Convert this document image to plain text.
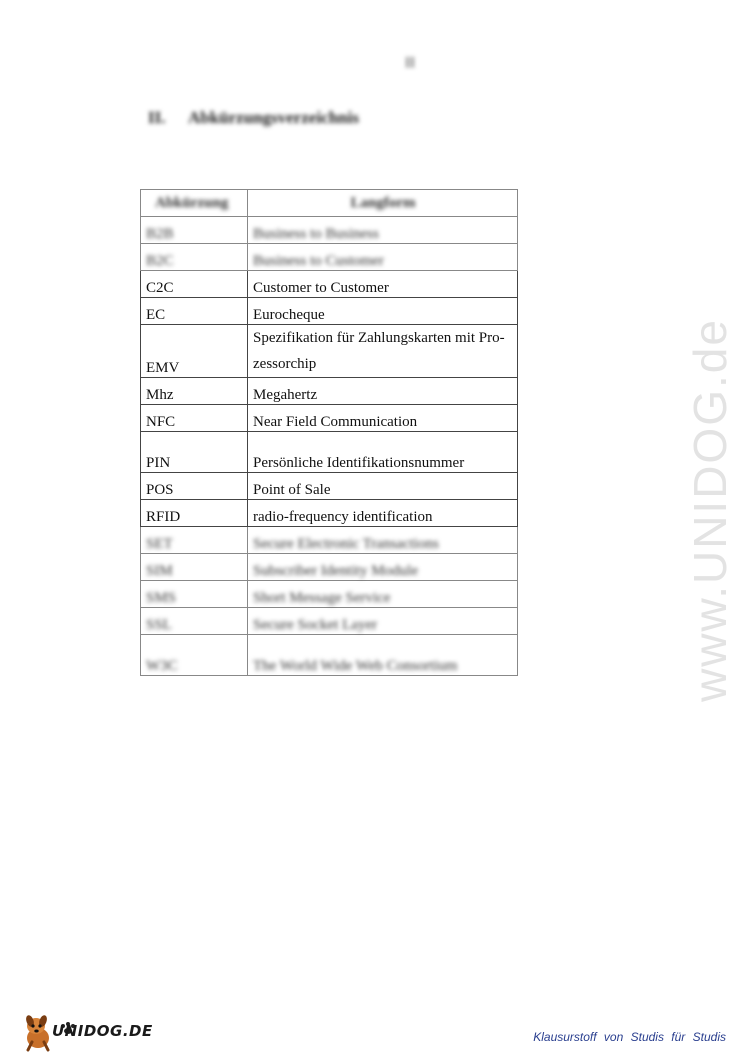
II
II. Abkürzungsverzeichnis
Abkürzung	Langform
B2B	Business to Business
B2C	Business to Customer
C2C	Customer to Customer
EC	Eurocheque
EMV	Spezifikation für Zahlungskarten mit Pro-
zessorchip
Mhz	Megahertz
NFC	Near Field Communication
PIN	Persönliche Identifikationsnummer
POS	Point of Sale
RFID	radio-frequency identification
SET	Secure Electronic Transactions
SIM	Subscriber Identity Module
SMS	Short Message Service
SSL	Secure Socket Layer
W3C	The World Wide Web Consortium	www.UNIDOG.de
UNIDOG.DE	Klausurstoff von Studis für Studis
